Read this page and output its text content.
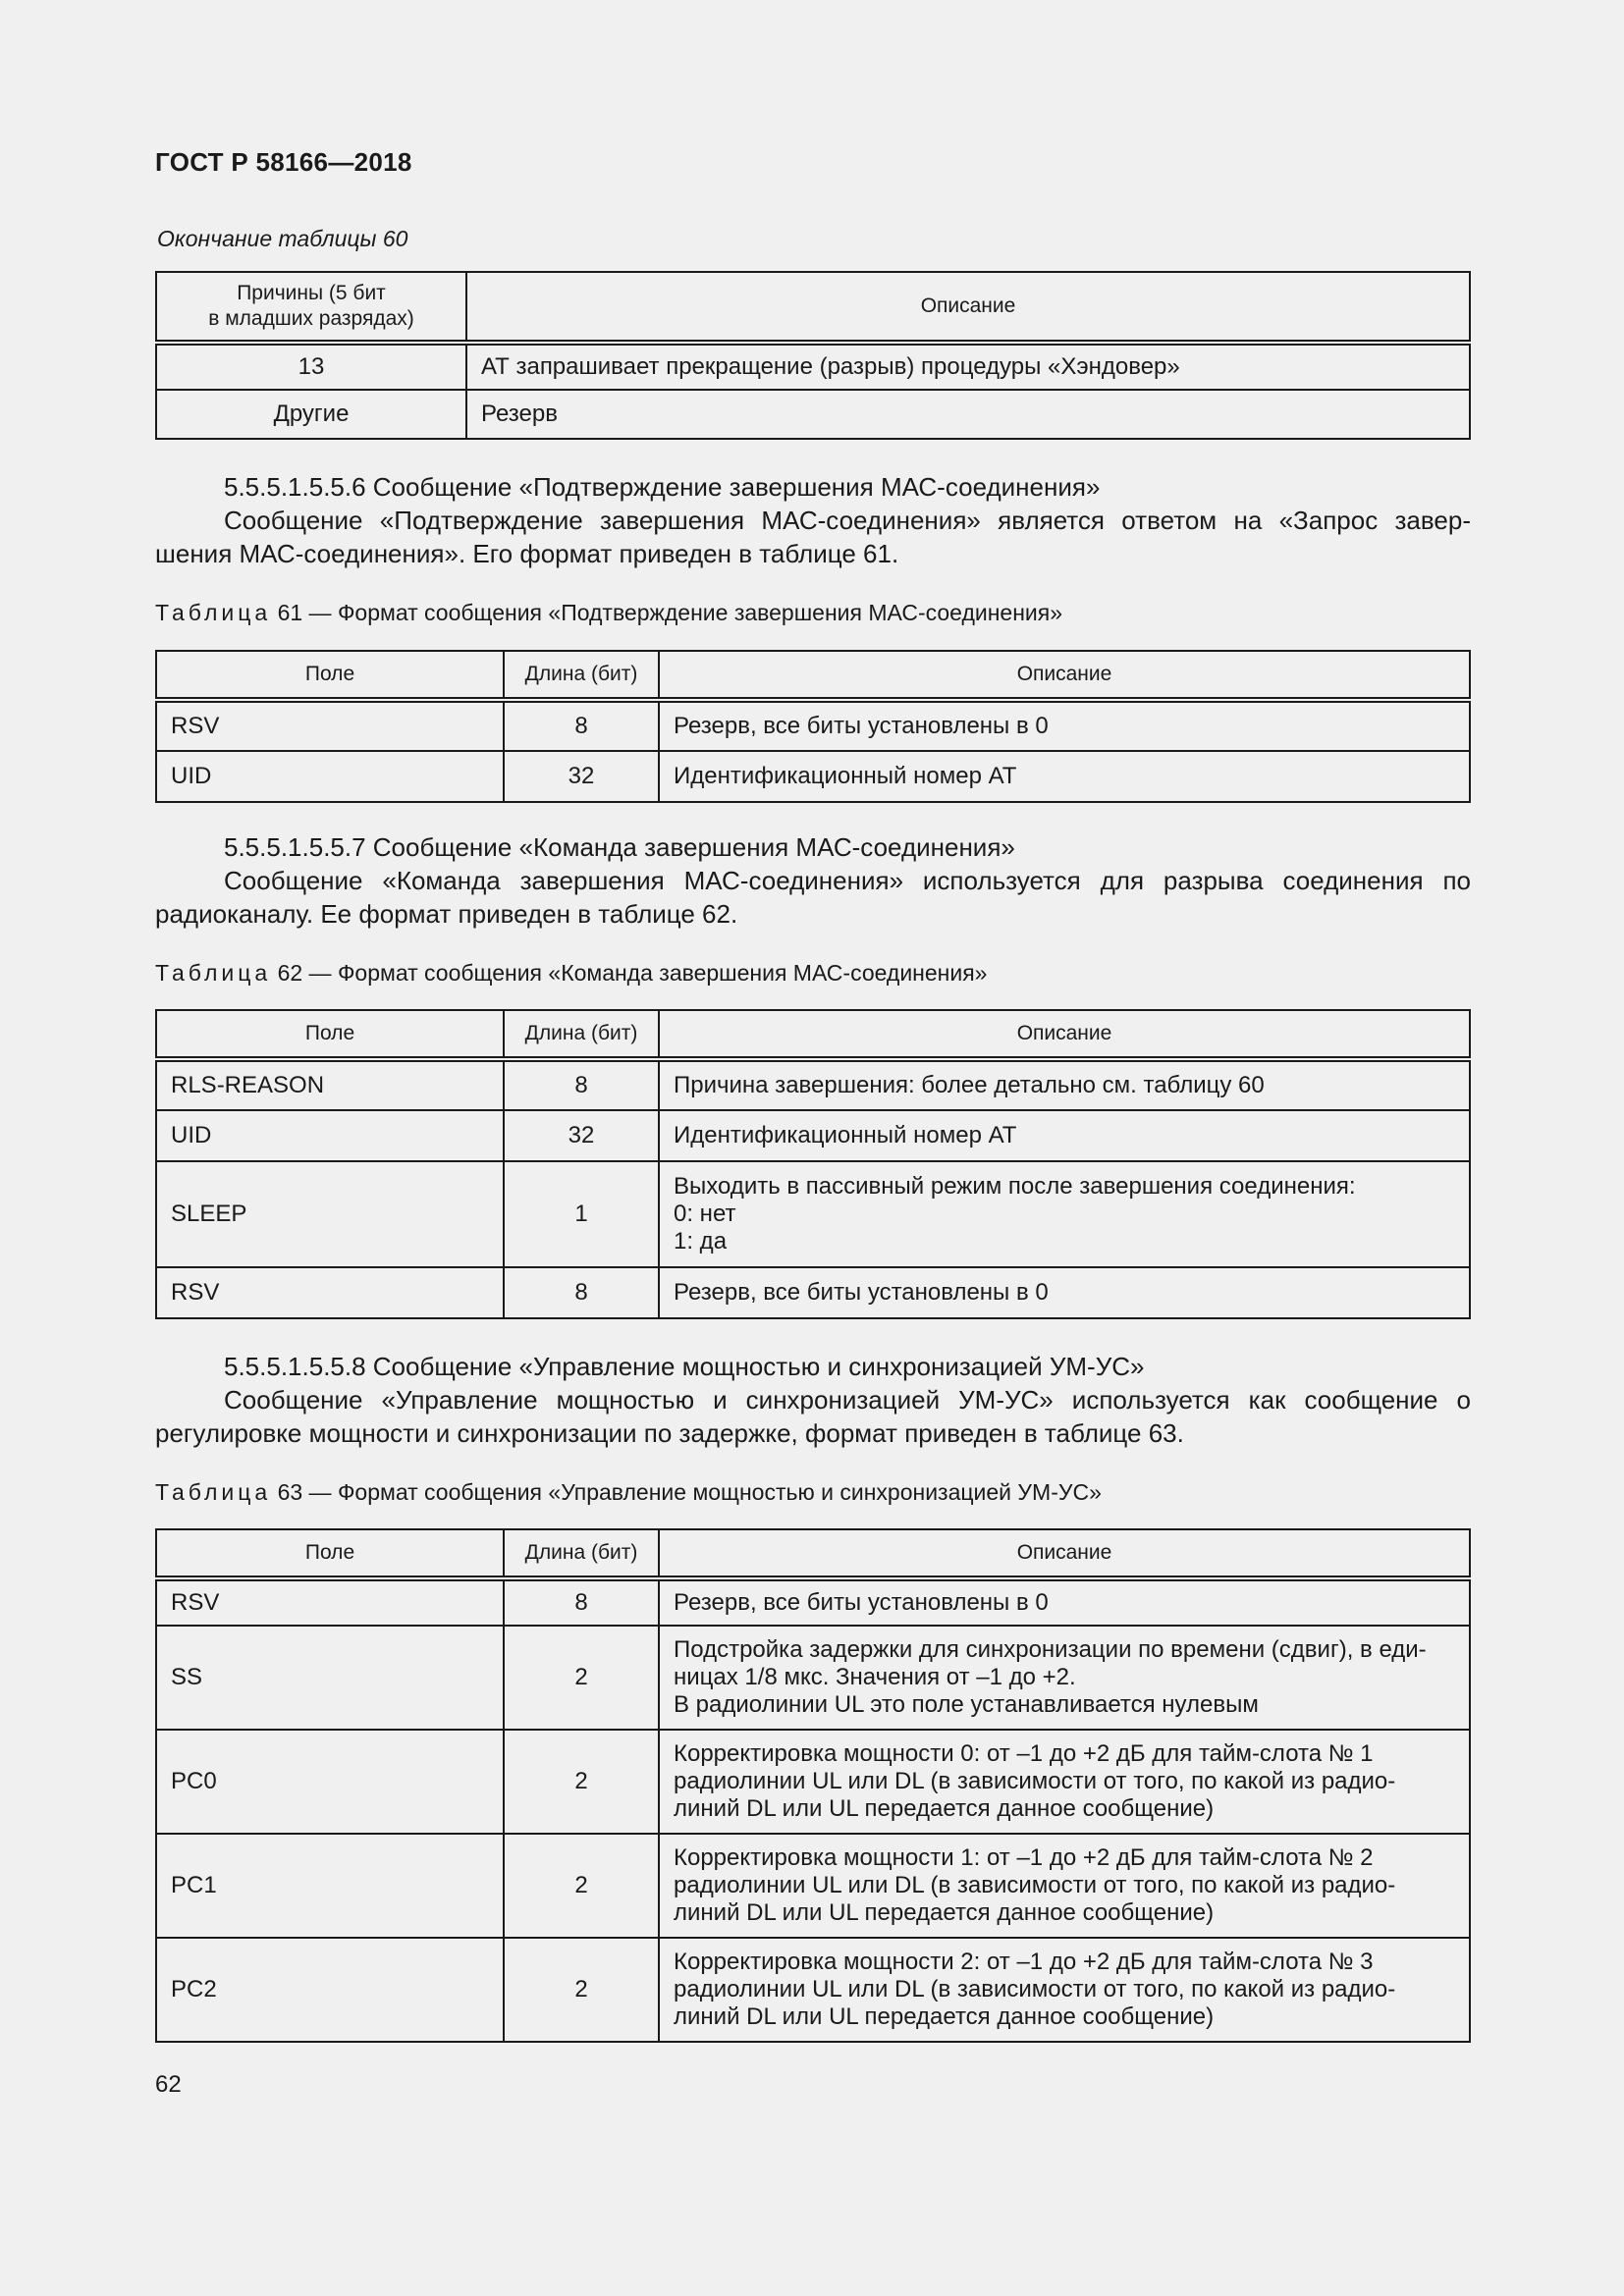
ГОСТ Р 58166—2018
Окончание таблицы 60
Причины (5 бит
в младших разрядах)	Описание
13	АТ запрашивает прекращение (разрыв) процедуры «Хэндовер»
Другие	Резерв
5.5.5.1.5.5.6 Сообщение «Подтверждение завершения МАС-соединения»
Сообщение «Подтверждение завершения МАС-соединения» является ответом на «Запрос завер-
шения МАС-соединения». Его формат приведен в таблице 61.
Таблица 61 — Формат сообщения «Подтверждение завершения МАС-соединения»
Поле	Длина (бит)	Описание
RSV	8	Резерв, все биты установлены в 0
UID	32	Идентификационный номер АТ
5.5.5.1.5.5.7 Сообщение «Команда завершения МАС-соединения»
Сообщение «Команда завершения МАС-соединения» используется для разрыва соединения по
радиоканалу. Ее формат приведен в таблице 62.
Таблица 62 — Формат сообщения «Команда завершения МАС-соединения»
Поле	Длина (бит)	Описание
RLS-REASON	8	Причина завершения: более детально см. таблицу 60
UID	32	Идентификационный номер АТ
SLEEP	1	Выходить в пассивный режим после завершения соединения:
0: нет
1: да
RSV	8	Резерв, все биты установлены в 0
5.5.5.1.5.5.8 Сообщение «Управление мощностью и синхронизацией УМ-УС»
Сообщение «Управление мощностью и синхронизацией УМ-УС» используется как сообщение о
регулировке мощности и синхронизации по задержке, формат приведен в таблице 63.
Таблица 63 — Формат сообщения «Управление мощностью и синхронизацией УМ-УС»
Поле	Длина (бит)	Описание
RSV	8	Резерв, все биты установлены в 0
SS	2	Подстройка задержки для синхронизации по времени (сдвиг), в еди-
ницах 1/8 мкс. Значения от –1 до +2.
В радиолинии UL это поле устанавливается нулевым
PC0	2	Корректировка мощности 0: от –1 до +2 дБ для тайм-слота № 1
радиолинии UL или DL (в зависимости от того, по какой из радио-
линий DL или UL передается данное сообщение)
PC1	2	Корректировка мощности 1: от –1 до +2 дБ для тайм-слота № 2
радиолинии UL или DL (в зависимости от того, по какой из радио-
линий DL или UL передается данное сообщение)
PC2	2	Корректировка мощности 2: от –1 до +2 дБ для тайм-слота № 3
радиолинии UL или DL (в зависимости от того, по какой из радио-
линий DL или UL передается данное сообщение)
62
